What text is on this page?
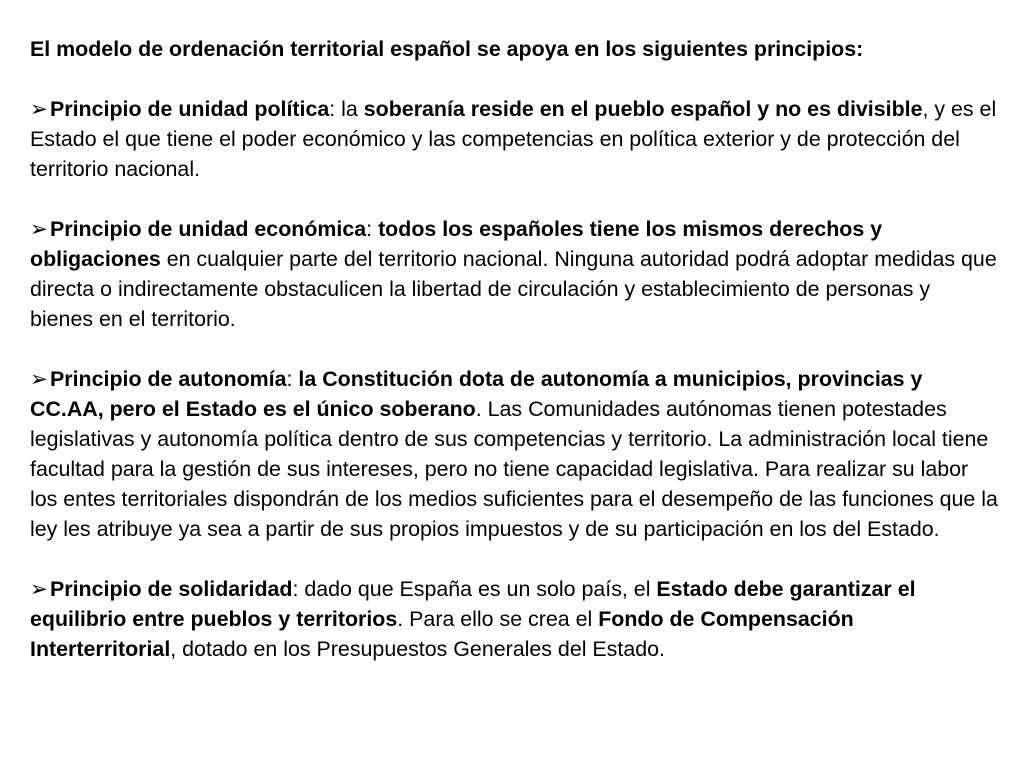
El modelo de ordenación territorial español se apoya en los siguientes principios:
➢Principio de unidad política: la soberanía reside en el pueblo español y no es divisible, y es el Estado el que tiene el poder económico y las competencias en política exterior y de protección del territorio nacional.
➢Principio de unidad económica: todos los españoles tiene los mismos derechos y obligaciones en cualquier parte del territorio nacional. Ninguna autoridad podrá adoptar medidas que directa o indirectamente obstaculicen la libertad de circulación y establecimiento de personas y bienes en el territorio.
➢Principio de autonomía: la Constitución dota de autonomía a municipios, provincias y CC.AA, pero el Estado es el único soberano. Las Comunidades autónomas tienen potestades legislativas y autonomía política dentro de sus competencias y territorio. La administración local tiene facultad para la gestión de sus intereses, pero no tiene capacidad legislativa. Para realizar su labor los entes territoriales dispondrán de los medios suficientes para el desempeño de las funciones que la ley les atribuye ya sea a partir de sus propios impuestos y de su participación en los del Estado.
➢Principio de solidaridad: dado que España es un solo país, el Estado debe garantizar el equilibrio entre pueblos y territorios. Para ello se crea el Fondo de Compensación Interterritorial, dotado en los Presupuestos Generales del Estado.
